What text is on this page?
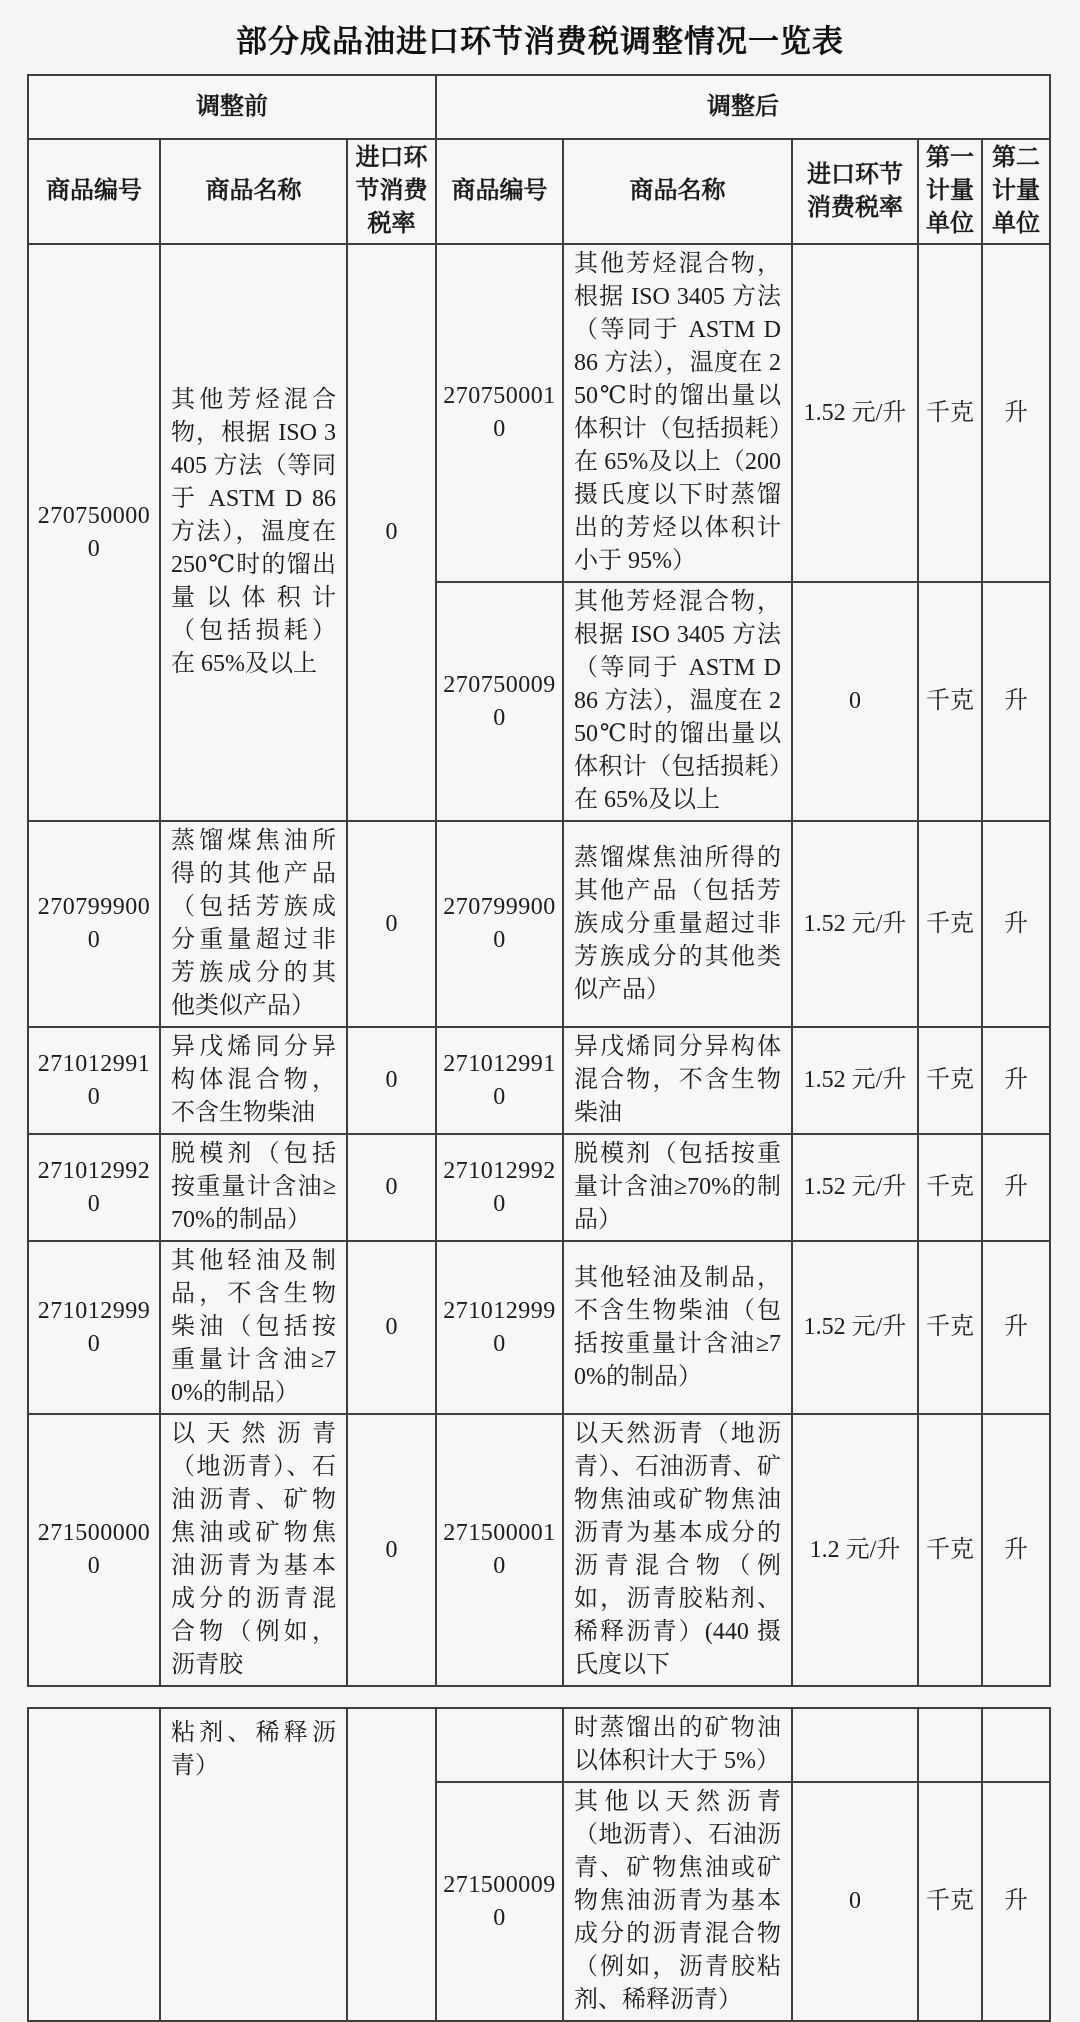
部分成品油进口环节消费税调整情况一览表
调整前			调整后				
商品编号	商品名称	进口环节消费税率	商品编号	商品名称	进口环节消费税率	第一计量单位	第二计量单位
2707500000	其他芳烃混合物，根据 ISO 3405 方法（等同于 ASTM D 86 方法），温度在 250℃时的馏出量以体积计（包括损耗）在 65%及以上	0	2707500010	其他芳烃混合物，根据 ISO 3405 方法（等同于 ASTM D 86 方法），温度在 250℃时的馏出量以体积计（包括损耗）在 65%及以上（200 摄氏度以下时蒸馏出的芳烃以体积计小于 95%）	1.52 元/升	千克	升
			2707500090	其他芳烃混合物，根据 ISO 3405 方法（等同于 ASTM D 86 方法），温度在 250℃时的馏出量以体积计（包括损耗）在 65%及以上	0	千克	升
2707999000	蒸馏煤焦油所得的其他产品（包括芳族成分重量超过非芳族成分的其他类似产品）	0	2707999000	蒸馏煤焦油所得的其他产品（包括芳族成分重量超过非芳族成分的其他类似产品）	1.52 元/升	千克	升
2710129910	异戊烯同分异构体混合物，不含生物柴油	0	2710129910	异戊烯同分异构体混合物，不含生物柴油	1.52 元/升	千克	升
2710129920	脱模剂（包括按重量计含油≥70%的制品）	0	2710129920	脱模剂（包括按重量计含油≥70%的制品）	1.52 元/升	千克	升
2710129990	其他轻油及制品，不含生物柴油（包括按重量计含油≥70%的制品）	0	2710129990	其他轻油及制品，不含生物柴油（包括按重量计含油≥70%的制品）	1.52 元/升	千克	升
2715000000	以天然沥青（地沥青）、石油沥青、矿物焦油或矿物焦油沥青为基本成分的沥青混合物（例如，沥青胶	0	2715000010	以天然沥青（地沥青）、石油沥青、矿物焦油或矿物焦油沥青为基本成分的沥青混合物（例如，沥青胶粘剂、稀释沥青）(440 摄氏度以下	1.2 元/升	千克	升
	粘剂、稀释沥青）			时蒸馏出的矿物油以体积计大于 5%）			
			2715000090	其他以天然沥青（地沥青）、石油沥青、矿物焦油或矿物焦油沥青为基本成分的沥青混合物（例如，沥青胶粘剂、稀释沥青）	0	千克	升
